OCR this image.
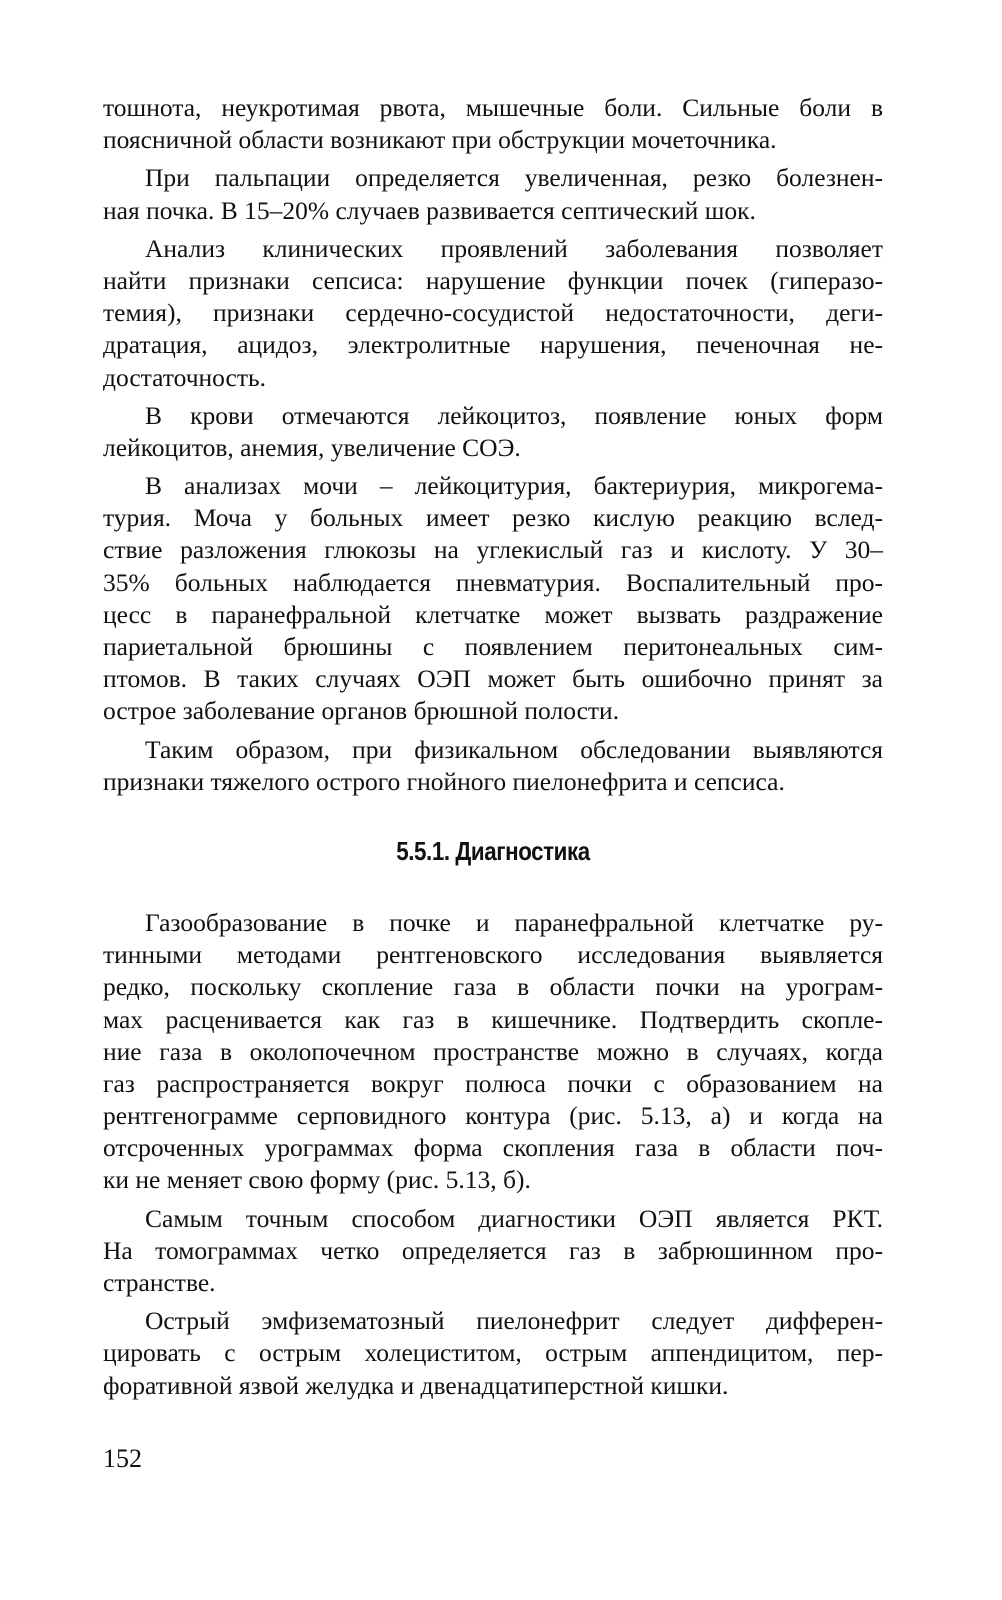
тошнота, неукротимая рвота, мышечные боли. Сильные боли в
поясничной области возникают при обструкции мочеточника.
При пальпации определяется увеличенная, резко болезнен-
ная почка. В 15–20% случаев развивается септический шок.
Анализ клинических проявлений заболевания позволяет
найти признаки сепсиса: нарушение функции почек (гиперазо-
темия), признаки сердечно-сосудистой недостаточности, деги-
дратация, ацидоз, электролитные нарушения, печеночная не-
достаточность.
В крови отмечаются лейкоцитоз, появление юных форм
лейкоцитов, анемия, увеличение СОЭ.
В анализах мочи – лейкоцитурия, бактериурия, микрогема-
турия. Моча у больных имеет резко кислую реакцию вслед-
ствие разложения глюкозы на углекислый газ и кислоту. У 30–
35% больных наблюдается пневматурия. Воспалительный про-
цесс в паранефральной клетчатке может вызвать раздражение
париетальной брюшины с появлением перитонеальных сим-
птомов. В таких случаях ОЭП может быть ошибочно принят за
острое заболевание органов брюшной полости.
Таким образом, при физикальном обследовании выявляются
признаки тяжелого острого гнойного пиелонефрита и сепсиса.
5.5.1. Диагностика
Газообразование в почке и паранефральной клетчатке ру-
тинными методами рентгеновского исследования выявляется
редко, поскольку скопление газа в области почки на урограм-
мах расценивается как газ в кишечнике. Подтвердить скопле-
ние газа в околопочечном пространстве можно в случаях, когда
газ распространяется вокруг полюса почки с образованием на
рентгенограмме серповидного контура (рис. 5.13, а) и когда на
отсроченных урограммах форма скопления газа в области поч-
ки не меняет свою форму (рис. 5.13, б).
Самым точным способом диагностики ОЭП является РКТ.
На томограммах четко определяется газ в забрюшинном про-
странстве.
Острый эмфизематозный пиелонефрит следует дифферен-
цировать с острым холециститом, острым аппендицитом, пер-
форативной язвой желудка и двенадцатиперстной кишки.
152
